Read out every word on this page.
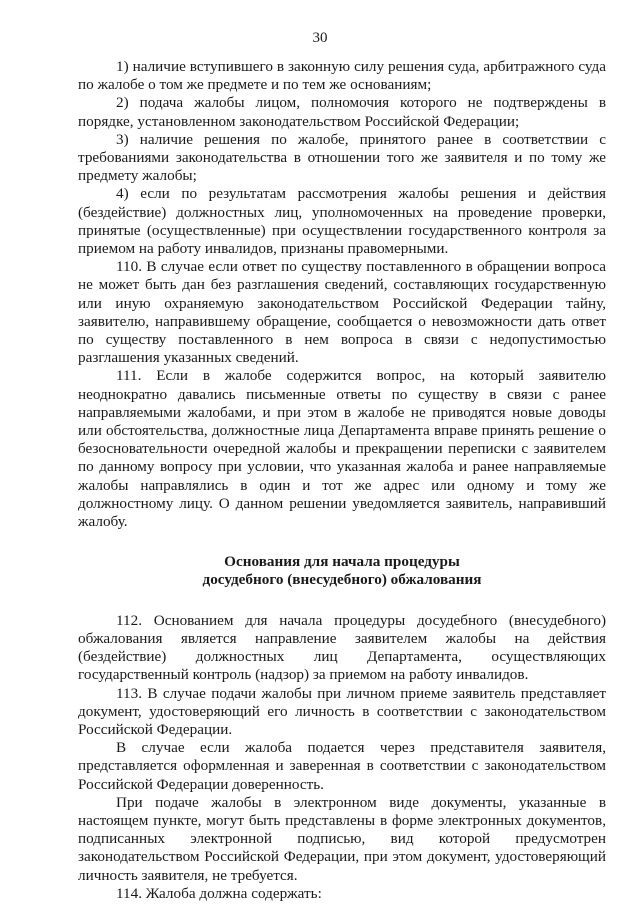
30

1) наличие вступившего в законную силу решения суда, арбитражного суда по жалобе о том же предмете и по тем же основаниям;

2) подача жалобы лицом, полномочия которого не подтверждены в порядке, установленном законодательством Российской Федерации;

3) наличие решения по жалобе, принятого ранее в соответствии с требованиями законодательства в отношении того же заявителя и по тому же предмету жалобы;

4) если по результатам рассмотрения жалобы решения и действия (бездействие) должностных лиц, уполномоченных на проведение проверки, принятые (осуществленные) при осуществлении государственного контроля за приемом на работу инвалидов, признаны правомерными.

110. В случае если ответ по существу поставленного в обращении вопроса не может быть дан без разглашения сведений, составляющих государственную или иную охраняемую законодательством Российской Федерации тайну, заявителю, направившему обращение, сообщается о невозможности дать ответ по существу поставленного в нем вопроса в связи с недопустимостью разглашения указанных сведений.

111. Если в жалобе содержится вопрос, на который заявителю неоднократно давались письменные ответы по существу в связи с ранее направляемыми жалобами, и при этом в жалобе не приводятся новые доводы или обстоятельства, должностные лица Департамента вправе принять решение о безосновательности очередной жалобы и прекращении переписки с заявителем по данному вопросу при условии, что указанная жалоба и ранее направляемые жалобы направлялись в один и тот же адрес или одному и тому же должностному лицу. О данном решении уведомляется заявитель, направивший жалобу.

Основания для начала процедуры
досудебного (внесудебного) обжалования

112. Основанием для начала процедуры досудебного (внесудебного) обжалования является направление заявителем жалобы на действия (бездействие) должностных лиц Департамента, осуществляющих государственный контроль (надзор) за приемом на работу инвалидов.

113. В случае подачи жалобы при личном приеме заявитель представляет документ, удостоверяющий его личность в соответствии с законодательством Российской Федерации.

В случае если жалоба подается через представителя заявителя, представляется оформленная и заверенная в соответствии с законодательством Российской Федерации доверенность.

При подаче жалобы в электронном виде документы, указанные в настоящем пункте, могут быть представлены в форме электронных документов, подписанных электронной подписью, вид которой предусмотрен законодательством Российской Федерации, при этом документ, удостоверяющий личность заявителя, не требуется.

114. Жалоба должна содержать:
